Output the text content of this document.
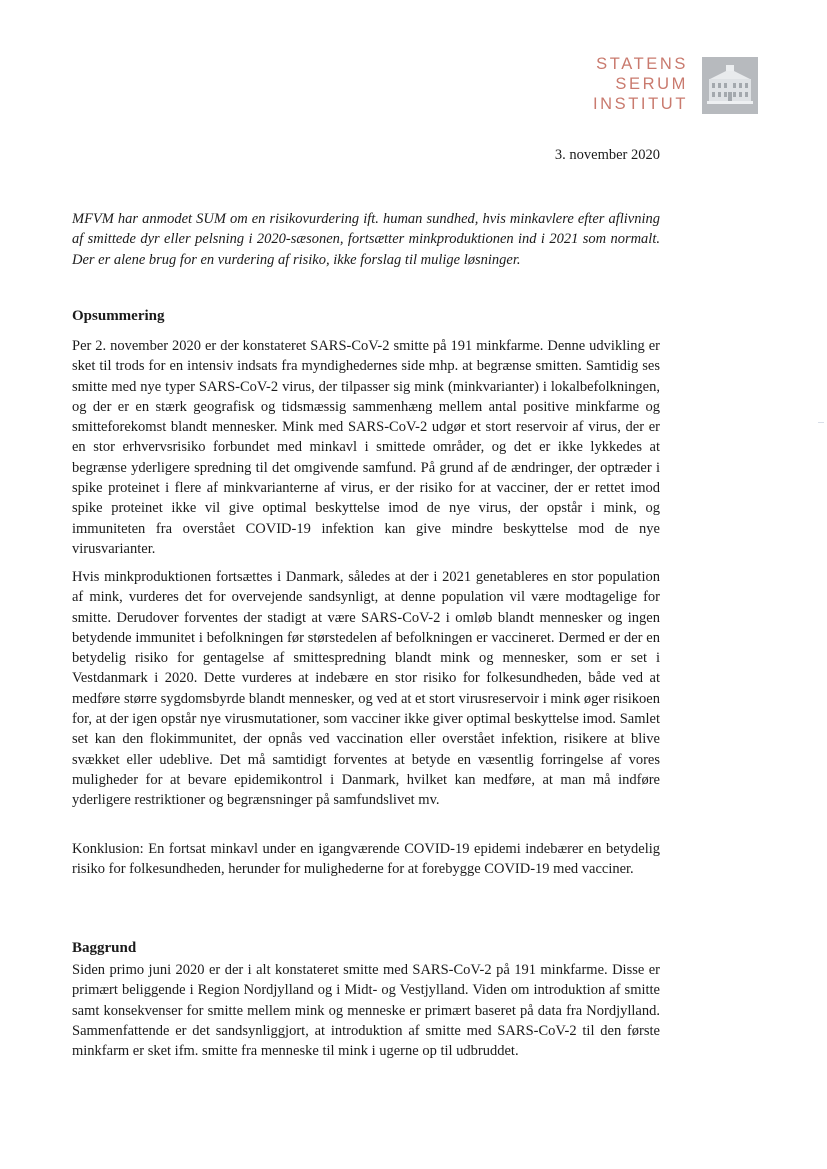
STATENS
SERUM
INSTITUT
3. november 2020
MFVM har anmodet SUM om en risikovurdering ift. human sundhed, hvis minkavlere efter aflivning af smittede dyr eller pelsning i 2020-sæsonen, fortsætter minkproduktionen ind i 2021 som normalt. Der er alene brug for en vurdering af risiko, ikke forslag til mulige løsninger.
Opsummering
Per 2. november 2020 er der konstateret SARS-CoV-2 smitte på 191 minkfarme. Denne udvikling er sket til trods for en intensiv indsats fra myndighedernes side mhp. at begrænse smitten. Samtidig ses smitte med nye typer SARS-CoV-2 virus, der tilpasser sig mink (minkvarianter) i lokalbefolkningen, og der er en stærk geografisk og tidsmæssig sammenhæng mellem antal positive minkfarme og smitteforekomst blandt mennesker. Mink med SARS-CoV-2 udgør et stort reservoir af virus, der er en stor erhvervsrisiko forbundet med minkavl i smittede områder, og det er ikke lykkedes at begrænse yderligere spredning til det omgivende samfund. På grund af de ændringer, der optræder i spike proteinet i flere af minkvarianterne af virus, er der risiko for at vacciner, der er rettet imod spike proteinet ikke vil give optimal beskyttelse imod de nye virus, der opstår i mink, og immuniteten fra overstået COVID-19 infektion kan give mindre beskyttelse mod de nye virusvarianter.
Hvis minkproduktionen fortsættes i Danmark, således at der i 2021 genetableres en stor population af mink, vurderes det for overvejende sandsynligt, at denne population vil være modtagelige for smitte. Derudover forventes der stadigt at være SARS-CoV-2 i omløb blandt mennesker og ingen betydende immunitet i befolkningen før størstedelen af befolkningen er vaccineret. Dermed er der en betydelig risiko for gentagelse af smittespredning blandt mink og mennesker, som er set i Vestdanmark i 2020. Dette vurderes at indebære en stor risiko for folkesundheden, både ved at medføre større sygdomsbyrde blandt mennesker, og ved at et stort virusreservoir i mink øger risikoen for, at der igen opstår nye virusmutationer, som vacciner ikke giver optimal beskyttelse imod. Samlet set kan den flokimmunitet, der opnås ved vaccination eller overstået infektion, risikere at blive svækket eller udeblive. Det må samtidigt forventes at betyde en væsentlig forringelse af vores muligheder for at bevare epidemikontrol i Danmark, hvilket kan medføre, at man må indføre yderligere restriktioner og begrænsninger på samfundslivet mv.
Konklusion: En fortsat minkavl under en igangværende COVID-19 epidemi indebærer en betydelig risiko for folkesundheden, herunder for mulighederne for at forebygge COVID-19 med vacciner.
Baggrund
Siden primo juni 2020 er der i alt konstateret smitte med SARS-CoV-2 på 191 minkfarme. Disse er primært beliggende i Region Nordjylland og i Midt- og Vestjylland. Viden om introduktion af smitte samt konsekvenser for smitte mellem mink og menneske er primært baseret på data fra Nordjylland. Sammenfattende er det sandsynliggjort, at introduktion af smitte med SARS-CoV-2 til den første minkfarm er sket ifm. smitte fra menneske til mink i ugerne op til udbruddet.
